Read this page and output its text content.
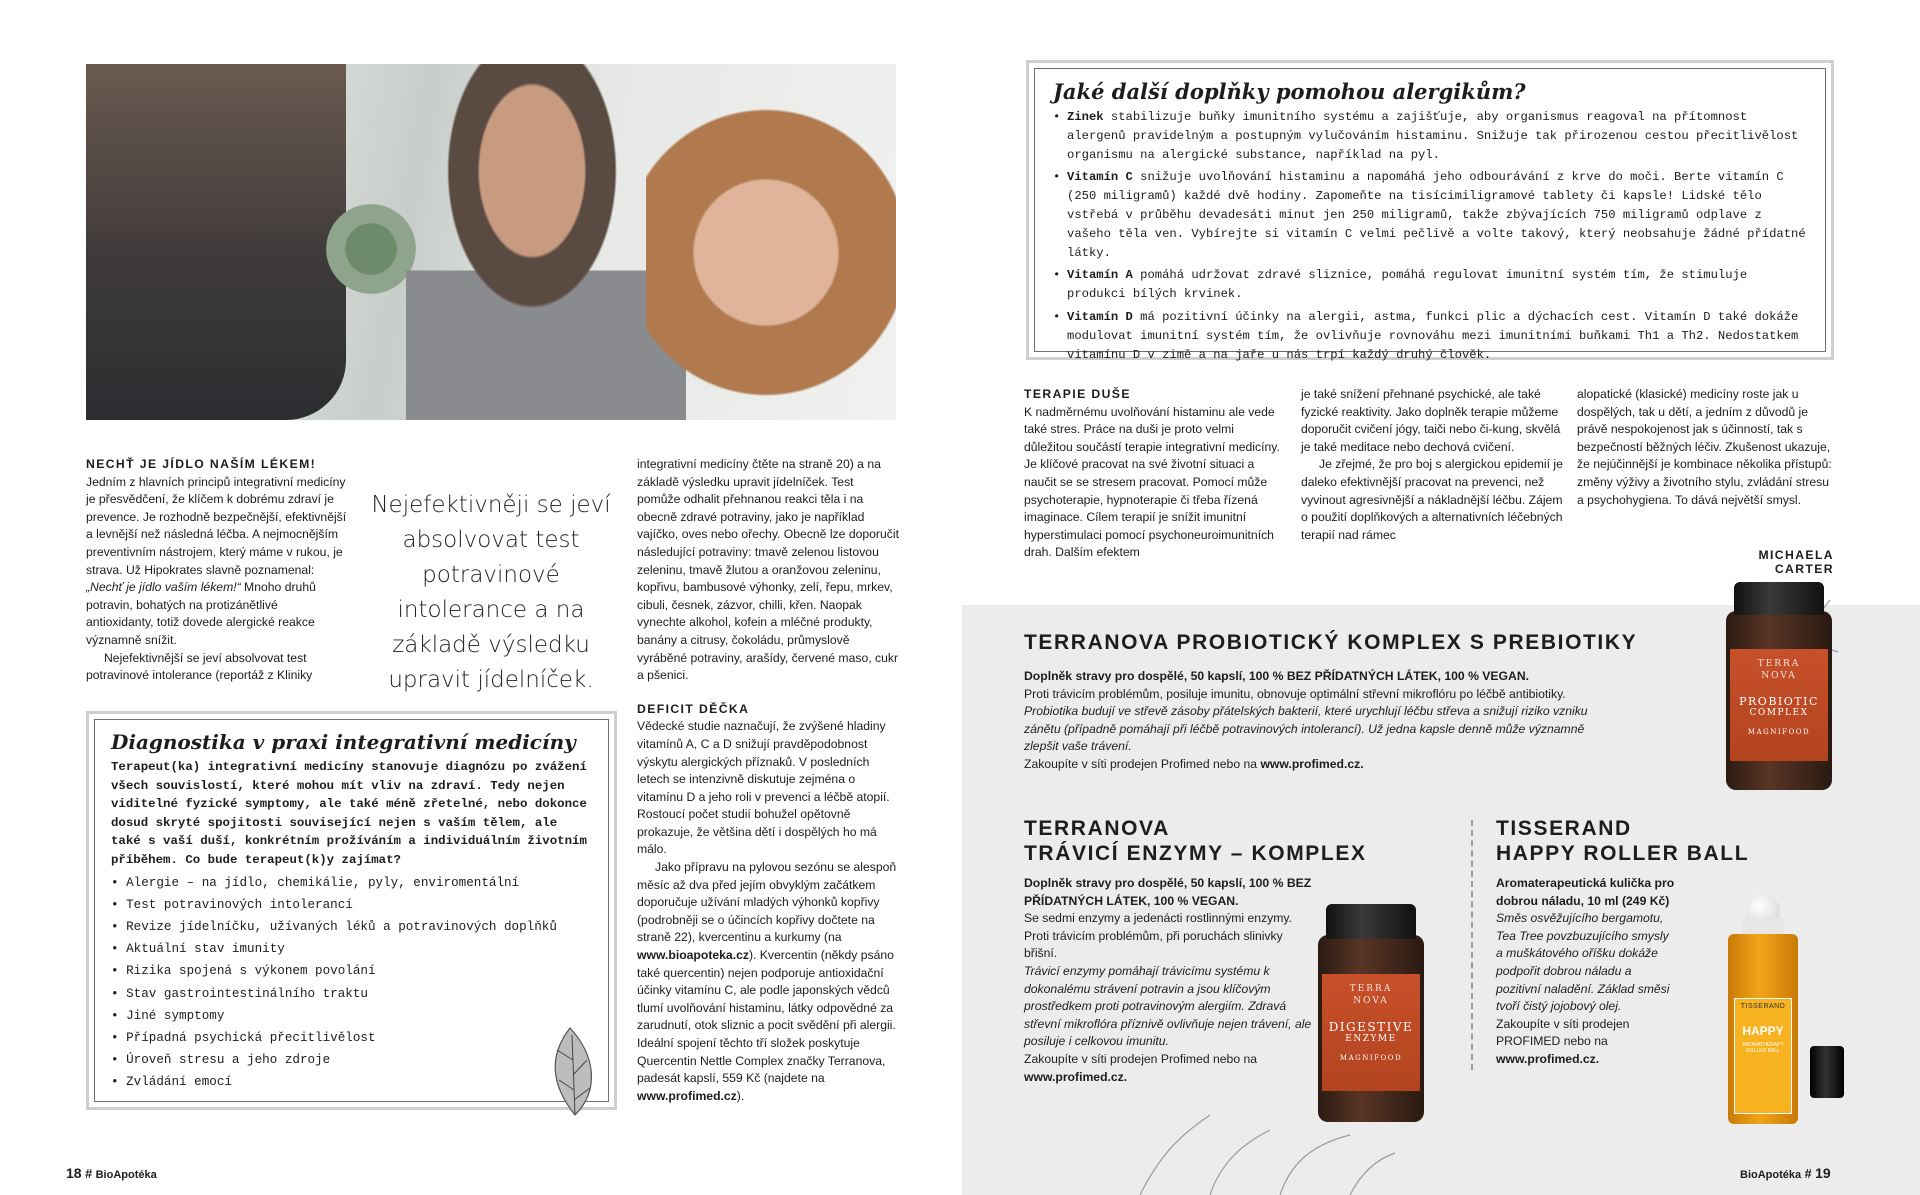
NECHŤ JE JÍDLO NAŠÍM LÉKEM!

Jedním z hlavních principů integrativní medicíny je přesvědčení, že klíčem k dobrému zdraví je prevence. Je rozhodně bezpečnější, efektivnější a levnější než následná léčba. A nejmocnějším preventivním nástrojem, který máme v rukou, je strava. Už Hipokrates slavně poznamenal: „Nechť je jídlo vaším lékem!“ Mnoho druhů potravin, bohatých na protizánětlivé antioxidanty, totiž dovede alergické reakce významně snížit.

Nejefektivnější se jeví absolvovat test potravinové intolerance (reportáž z Kliniky

Nejefektivněji se jeví absolvovat test potravinové intolerance a na základě výsledku upravit jídelníček.

integrativní medicíny čtěte na straně 20) a na základě výsledku upravit jídelníček. Test pomůže odhalit přehnanou reakci těla i na obecně zdravé potraviny, jako je například vajíčko, oves nebo ořechy. Obecně lze doporučit následující potraviny: tmavě zelenou listovou zeleninu, tmavě žlutou a oranžovou zeleninu, kopřivu, bambusové výhonky, zelí, řepu, mrkev, cibuli, česnek, zázvor, chilli, křen. Naopak vynechte alkohol, kofein a mléčné produkty, banány a citrusy, čokoládu, průmyslově vyráběné potraviny, arašídy, červené maso, cukr a pšenici.

DEFICIT DĚČKA

Vědecké studie naznačují, že zvýšené hladiny vitamínů A, C a D snižují pravděpodobnost výskytu alergických příznaků. V posledních letech se intenzivně diskutuje zejména o vitamínu D a jeho roli v prevenci a léčbě atopií. Rostoucí počet studií bohužel opětovně prokazuje, že většina dětí i dospělých ho má málo.

Jako přípravu na pylovou sezónu se alespoň měsíc až dva před jejím obvyklým začátkem doporučuje užívání mladých výhonků kopřivy (podrobněji se o účincích kopřivy dočtete na straně 22), kvercentinu a kurkumy (na www.bioapoteka.cz). Kvercentin (někdy psáno také quercentin) nejen podporuje antioxidační účinky vitamínu C, ale podle japonských vědců tlumí uvolňování histaminu, látky odpovědné za zarudnutí, otok sliznic a pocit svědění při alergii. Ideální spojení těchto tří složek poskytuje Quercentin Nettle Complex značky Terranova, padesát kapslí, 559 Kč (najdete na www.profimed.cz).

Diagnostika v praxi integrativní medicíny

Terapeut(ka) integrativní medicíny stanovuje diagnózu po zvážení všech souvislostí, které mohou mít vliv na zdraví. Tedy nejen viditelné fyzické symptomy, ale také méně zřetelné, nebo dokonce dosud skryté spojitosti související nejen s vaším tělem, ale také s vaší duší, konkrétním prožíváním a individuálním životním příběhem. Co bude terapeut(k)y zajímat?

• Alergie – na jídlo, chemikálie, pyly, enviromentální
• Test potravinových intolerancí
• Revize jídelníčku, užívaných léků a potravinových doplňků
• Aktuální stav imunity
• Rizika spojená s výkonem povolání
• Stav gastrointestinálního traktu
• Jiné symptomy
• Případná psychická přecitlivělost
• Úroveň stresu a jeho zdroje
• Zvládání emocí
18 # BioApotéka
Jaké další doplňky pomohou alergikům?
• Zinek stabilizuje buňky imunitního systému a zajišťuje, aby organismus reagoval na přítomnost alergenů pravidelným a postupným vylučováním histaminu. Snižuje tak přirozenou cestou přecitlivělost organismu na alergické substance, například na pyl.
• Vitamín C snižuje uvolňování histaminu a napomáhá jeho odbourávání z krve do moči. Berte vitamín C (250 miligramů) každé dvě hodiny. Zapomeňte na tisícimiligramové tablety či kapsle! Lidské tělo vstřebá v průběhu devadesáti minut jen 250 miligramů, takže zbývajících 750 miligramů odplave z vašeho těla ven. Vybírejte si vitamín C velmi pečlivě a volte takový, který neobsahuje žádné přídatné látky.
• Vitamín A pomáhá udržovat zdravé sliznice, pomáhá regulovat imunitní systém tím, že stimuluje produkci bílých krvinek.
• Vitamín D má pozitivní účinky na alergii, astma, funkci plic a dýchacích cest. Vitamín D také dokáže modulovat imunitní systém tím, že ovlivňuje rovnováhu mezi imunitními buňkami Th1 a Th2. Nedostatkem vitamínu D v zimě a na jaře u nás trpí každý druhý člověk.
TERAPIE DUŠE

K nadměrnému uvolňování histaminu ale vede také stres. Práce na duši je proto velmi důležitou součástí terapie integrativní medicíny. Je klíčové pracovat na své životní situaci a naučit se se stresem pracovat. Pomocí může psychoterapie, hypnoterapie či třeba řízená imaginace. Cílem terapií je snížit imunitní hyperstimulaci pomocí psychoneuroimunitních drah. Dalším efektem

je také snížení přehnané psychické, ale také fyzické reaktivity. Jako doplněk terapie můžeme doporučit cvičení jógy, taiči nebo či-kung, skvělá je také meditace nebo dechová cvičení.

Je zřejmé, že pro boj s alergickou epidemií je daleko efektivnější pracovat na prevenci, než vyvinout agresivnější a nákladnější léčbu. Zájem o použití doplňkových a alternativních léčebných terapií nad rámec

alopatické (klasické) medicíny roste jak u dospělých, tak u dětí, a jedním z důvodů je právě nespokojenost jak s účinností, tak s bezpečností běžných léčiv. Zkušenost ukazuje, že nejúčinnější je kombinace několika přístupů: změny výživy a životního stylu, zvládání stresu a psychohygiena. To dává největší smysl.

MICHAELA CARTER
TERRANOVA PROBIOTICKÝ KOMPLEX S PREBIOTIKY

Doplněk stravy pro dospělé, 50 kapslí, 100 % BEZ PŘÍDATNÝCH LÁTEK, 100 % VEGAN.

Proti trávicím problémům, posiluje imunitu, obnovuje optimální střevní mikroflóru po léčbě antibiotiky.

Probiotika budují ve střevě zásoby přátelských bakterií, které urychlují léčbu střeva a snižují riziko vzniku zánětu (případně pomáhají při léčbě potravinových intolerancí). Už jedna kapsle denně může významně zlepšit vaše trávení.

Zakoupíte v síti prodejen Profimed nebo na www.profimed.cz.

TERRA
NOVA
PROBIOTIC
COMPLEX
MAGNIFOOD
TERRANOVA
TRÁVICÍ ENZYMY – KOMPLEX

Doplněk stravy pro dospělé, 50 kapslí, 100 % BEZ PŘÍDATNÝCH LÁTEK, 100 % VEGAN.

Se sedmi enzymy a jedenácti rostlinnými enzymy. Proti trávicím problémům, při poruchách slinivky břišní.

Trávicí enzymy pomáhají trávicímu systému k dokonalému strávení potravin a jsou klíčovým prostředkem proti potravinovým alergiím. Zdravá střevní mikroflóra příznivě ovlivňuje nejen trávení, ale posiluje i celkovou imunitu.

Zakoupíte v síti prodejen Profimed nebo na www.profimed.cz.

TERRA
NOVA
DIGESTIVE
ENZYME
MAGNIFOOD
TISSERAND
HAPPY ROLLER BALL

Aromaterapeutická kulička pro dobrou náladu, 10 ml (249 Kč)

Směs osvěžujícího bergamotu, Tea Tree povzbuzujícího smysly a muškátového oříšku dokáže podpořit dobrou náladu a pozitivní naladění. Základ směsi tvoří čistý jojobový olej.

Zakoupíte v síti prodejen PROFIMED nebo na www.profimed.cz.

TISSERAND
HAPPY
AROMATHERAPY ROLLER BALL
BioApotéka # 19
